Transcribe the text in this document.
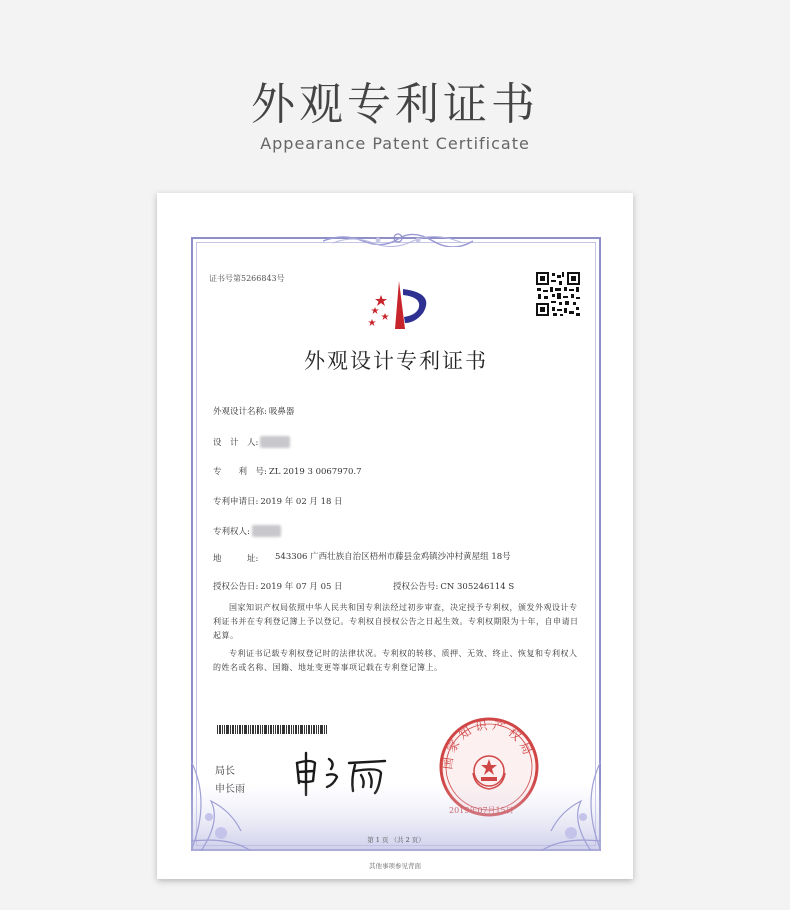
外观专利证书
Appearance Patent Certificate
证书号第5266843号
外观设计专利证书
外观设计名称: 吸鼻器
设　计　人: 黄桂松
专　　利　号: ZL 2019 3 0067970.7
专利申请日: 2019 年 02 月 18 日
专利权人: 黄桂松
地　　　址: 543306 广西壮族自治区梧州市藤县金鸡镇沙冲村黄屋组 18号
授权公告日: 2019 年 07 月 05 日	授权公告号: CN 305246114 S

国家知识产权局依照中华人民共和国专利法经过初步审查，决定授予专利权，颁发外观设计专利证书并在专利登记簿上予以登记。专利权自授权公告之日起生效。专利权期限为十年，自申请日起算。

专利证书记载专利权登记时的法律状况。专利权的转移、质押、无效、终止、恢复和专利权人的姓名或名称、国籍、地址变更等事项记载在专利登记簿上。

局长
国家知识产权局
第 1 页 （共 2 页）
其他事项参见背面
